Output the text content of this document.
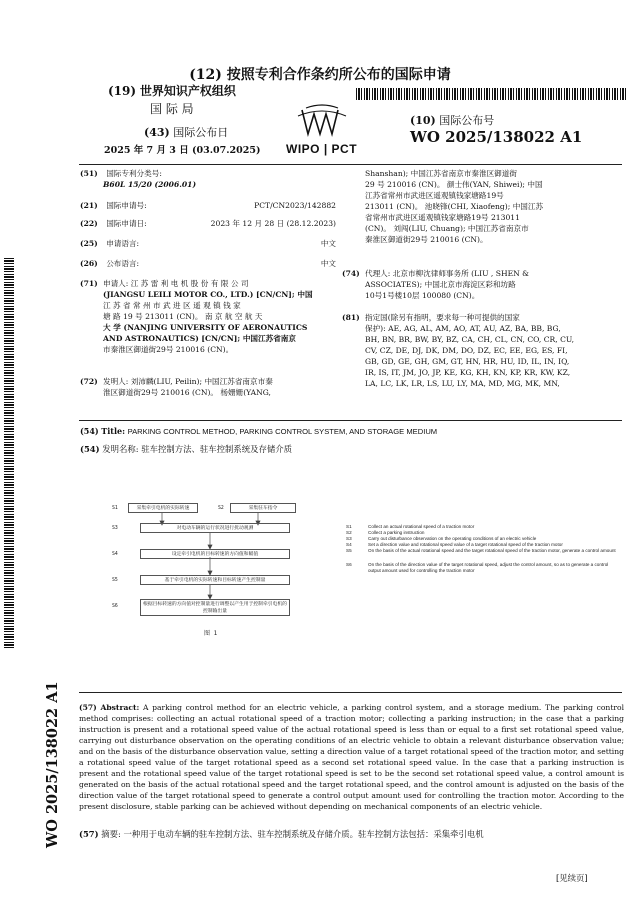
(12) 按照专利合作条约所公布的国际申请
(19) 世界知识产权组织
国 际 局
(43) 国际公布日
2025 年 7 月 3 日 (03.07.2025) WIPO | PCT
(10) 国际公布号
WO 2025/138022 A1
WO 2025/138022 A1
(51) 国际专利分类号:
B60L 15/20 (2006.01)
(21) 国际申请号:	PCT/CN2023/142882
(22) 国际申请日:	2023 年 12 月 28 日 (28.12.2023)
(25) 申请语言:	中文
(26) 公布语言:	中文
(71) 申请人: 江 苏 雷 利 电 机 股 份 有 限 公 司
(JIANGSU LEILI MOTOR CO., LTD.) [CN/CN]; 中国
江 苏 省 常 州 市 武 进 区 遥 观 镇 钱 家
塘 路 19 号 213011 (CN)。 南 京 航 空 航 天
大 学 (NANJING UNIVERSITY OF AERONAUTICS
AND ASTRONAUTICS) [CN/CN]; 中国江苏省南京
市秦淮区御道街29号 210016 (CN)。
(72) 发明人: 刘沛麟(LIU, Peilin); 中国江苏省南京市秦
淮区御道街29号 210016 (CN)。 杨姗姗(YANG,
Shanshan); 中国江苏省南京市秦淮区御道街
29 号 210016 (CN)。 颜士伟(YAN, Shiwei); 中国
江苏省常州市武进区遥观镇钱家塘路19号
213011 (CN)。 池晓锋(CHI, Xiaofeng); 中国江苏
省常州市武进区遥观镇钱家塘路19号 213011
(CN)。 刘闯(LIU, Chuang); 中国江苏省南京市
秦淮区御道街29号 210016 (CN)。
(74) 代理人: 北京市柳沈律师事务所 (LIU , SHEN &
ASSOCIATES); 中国北京市海淀区彩和坊路
10号1号楼10层 100080 (CN)。
(81) 指定国(除另有指明，要求每一种可提供的国家
保护): AE, AG, AL, AM, AO, AT, AU, AZ, BA, BB, BG,
BH, BN, BR, BW, BY, BZ, CA, CH, CL, CN, CO, CR, CU,
CV, CZ, DE, DJ, DK, DM, DO, DZ, EC, EE, EG, ES, FI,
GB, GD, GE, GH, GM, GT, HN, HR, HU, ID, IL, IN, IQ,
IR, IS, IT, JM, JO, JP, KE, KG, KH, KN, KP, KR, KW, KZ,
LA, LC, LK, LR, LS, LU, LY, MA, MD, MG, MK, MN,
(54) Title: PARKING CONTROL METHOD, PARKING CONTROL SYSTEM, AND STORAGE MEDIUM
(54) 发明名称: 驻车控制方法、驻车控制系统及存储介质
S1	采集牵引电机的实际转速	S2	采集驻车指令
S3	对电动车辆的运行状况进行扰动观测
S4	设定牵引电机的目标转速的方向值和幅值
S5	基于牵引电机的实际转速和目标转速产生控制量
S6	根据目标转速的方向值对控制量进行调整以产生用于控制牵引电机的控制输出量
图 1
S1	Collect an actual rotational speed of a traction motor
S2	Collect a parking instruction
S3	Carry out disturbance observation on the operating conditions of an electric vehicle
S4	Set a direction value and rotational speed value of a target rotational speed of the traction motor
S5	On the basis of the actual rotational speed and the target rotational speed of the traction motor, generate a control amount
S6	On the basis of the direction value of the target rotational speed, adjust the control amount, so as to generate a control output amount used for controlling the traction motor
(57) Abstract: A parking control method for an electric vehicle, a parking control system, and a storage medium. The parking control method comprises: collecting an actual rotational speed of a traction motor; collecting a parking instruction; in the case that a parking instruction is present and a rotational speed value of the actual rotational speed is less than or equal to a first set rotational speed value, carrying out disturbance observation on the operating conditions of an electric vehicle to obtain a relevant disturbance observation value; and on the basis of the disturbance observation value, setting a direction value of a target rotational speed of the traction motor, and setting a rotational speed value of the target rotational speed as a second set rotational speed value. In the case that a parking instruction is present and the rotational speed value of the target rotational speed is set to be the second set rotational speed value, a control amount is generated on the basis of the actual rotational speed and the target rotational speed, and the control amount is adjusted on the basis of the direction value of the target rotational speed to generate a control output amount used for controlling the traction motor. According to the present disclosure, stable parking can be achieved without depending on mechanical components of an electric vehicle.
(57) 摘要: 一种用于电动车辆的驻车控制方法、驻车控制系统及存储介质。驻车控制方法包括：采集牵引电机
[见续页]
